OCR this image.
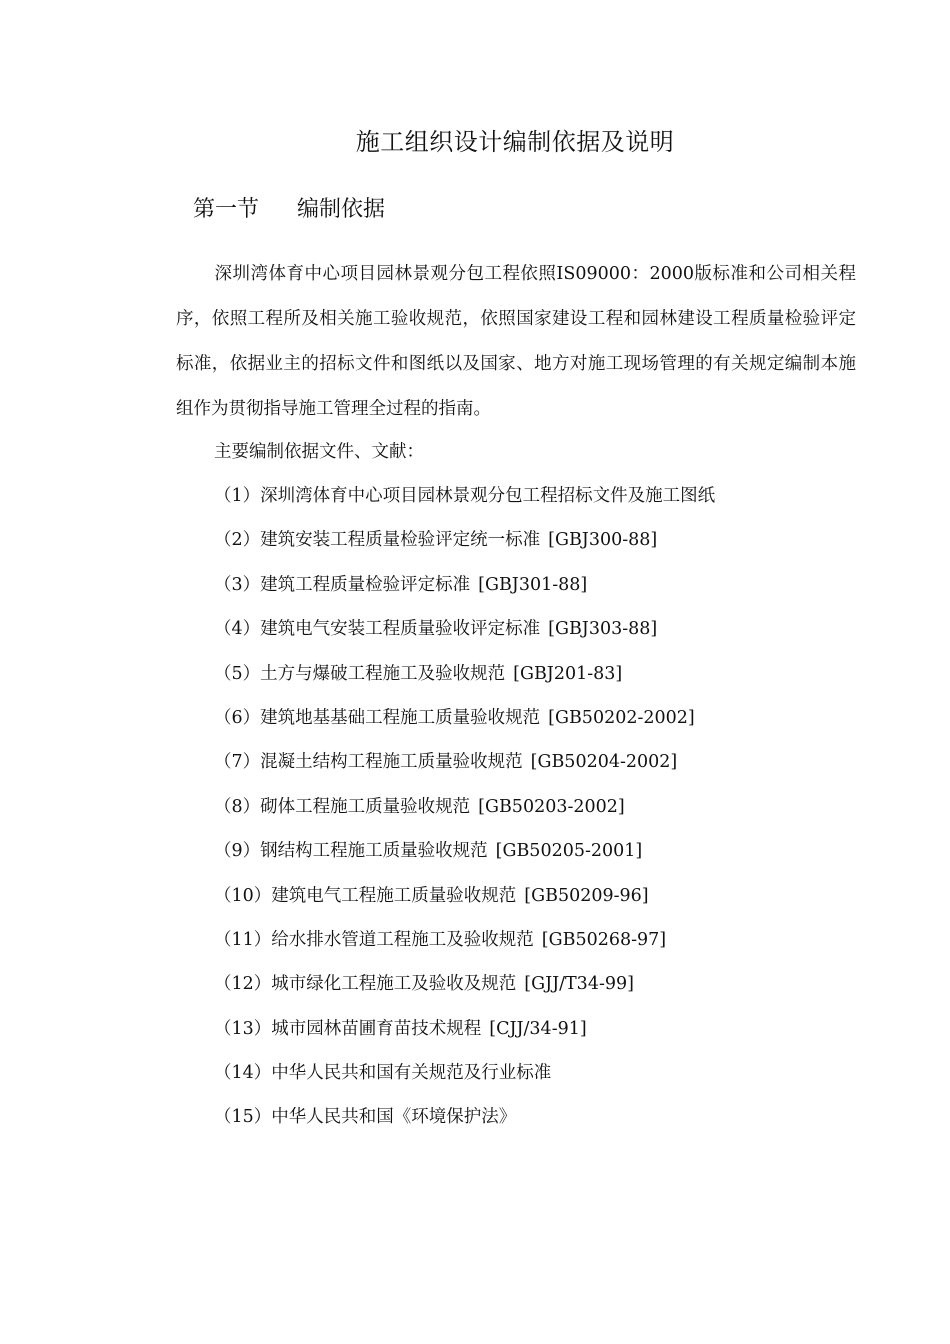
施工组织设计编制依据及说明
第一节 编制依据
深圳湾体育中心项目园林景观分包工程依照IS09000：2000版标准和公司相关程序，依照工程所及相关施工验收规范，依照国家建设工程和园林建设工程质量检验评定标准，依据业主的招标文件和图纸以及国家、地方对施工现场管理的有关规定编制本施组作为贯彻指导施工管理全过程的指南。
主要编制依据文件、文献：
（1）深圳湾体育中心项目园林景观分包工程招标文件及施工图纸
（2）建筑安装工程质量检验评定统一标准 [GBJ300-88]
（3）建筑工程质量检验评定标准 [GBJ301-88]
（4）建筑电气安装工程质量验收评定标准 [GBJ303-88]
（5）土方与爆破工程施工及验收规范 [GBJ201-83]
（6）建筑地基基础工程施工质量验收规范 [GB50202-2002]
（7）混凝土结构工程施工质量验收规范 [GB50204-2002]
（8）砌体工程施工质量验收规范 [GB50203-2002]
（9）钢结构工程施工质量验收规范 [GB50205-2001]
（10）建筑电气工程施工质量验收规范 [GB50209-96]
（11）给水排水管道工程施工及验收规范 [GB50268-97]
（12）城市绿化工程施工及验收及规范 [GJJ/T34-99]
（13）城市园林苗圃育苗技术规程 [CJJ/34-91]
（14）中华人民共和国有关规范及行业标准
（15）中华人民共和国《环境保护法》
